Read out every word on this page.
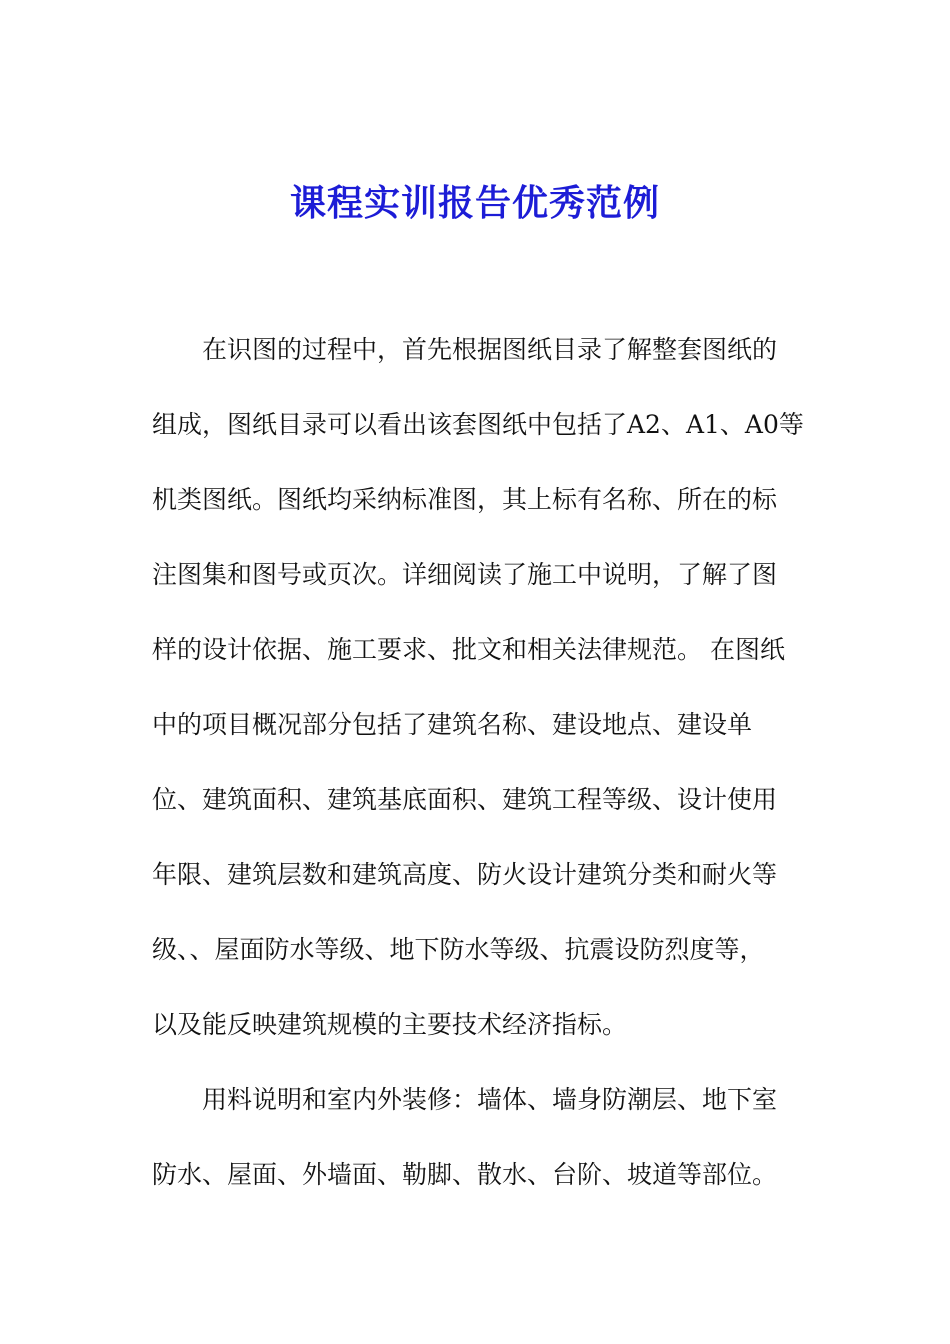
课程实训报告优秀范例
　　在识图的过程中，首先根据图纸目录了解整套图纸的
组成，图纸目录可以看出该套图纸中包括了A2、A1、A0等
机类图纸。图纸均采纳标准图，其上标有名称、所在的标
注图集和图号或页次。详细阅读了施工中说明，了解了图
样的设计依据、施工要求、批文和相关法律规范。 在图纸
中的项目概况部分包括了建筑名称、建设地点、建设单
位、建筑面积、建筑基底面积、建筑工程等级、设计使用
年限、建筑层数和建筑高度、防火设计建筑分类和耐火等
级、、屋面防水等级、地下防水等级、抗震设防烈度等，
以及能反映建筑规模的主要技术经济指标。
　　用料说明和室内外装修：墙体、墙身防潮层、地下室
防水、屋面、外墙面、勒脚、散水、台阶、坡道等部位。
